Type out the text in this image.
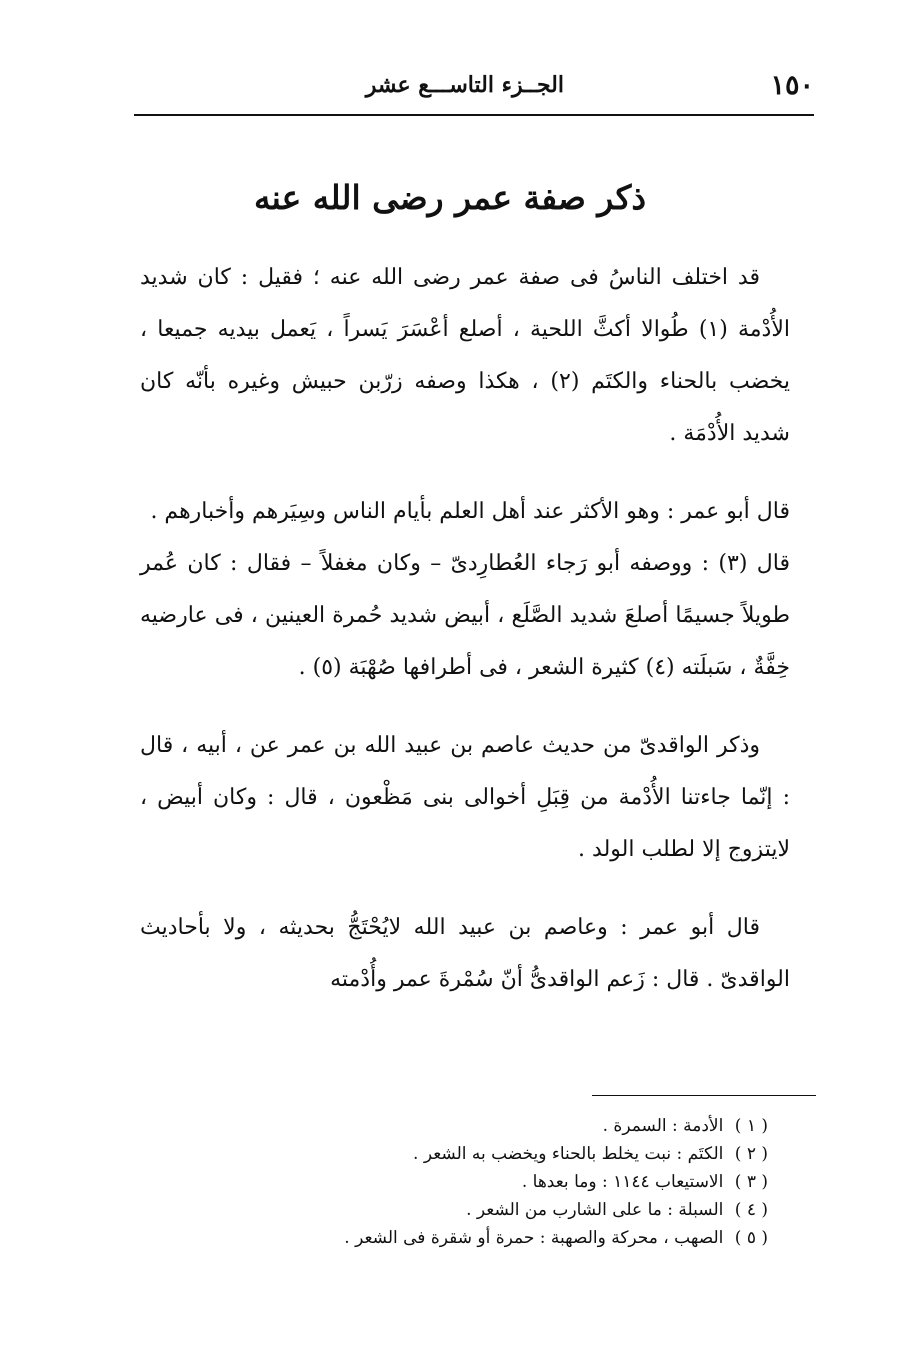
١٥٠
الجــزء التاســـع عشر
ذكر صفة عمر رضى الله عنه

قد اختلف الناسُ فى صفة عمر رضى الله عنه ؛ فقيل : كان شديد الأُدْمة (١) طُوالا أكثَّ اللحية ، أصلع أعْسَرَ يَسراً ، يَعمل بيديه جميعا ، يخضب بالحناء والكتَم (٢) ، هكذا وصفه زرّبن حبيش وغيره بأنّه كان شديد الأُدْمَة .

قال أبو عمر : وهو الأكثر عند أهل العلم بأيام الناس وسِيَرهم وأخبارهم .

قال (٣) : ووصفه أبو رَجاء العُطارِدىّ – وكان مغفلاً – فقال : كان عُمر طويلاً جسيمًا أصلعَ شديد الصَّلَع ، أبيض شديد حُمرة العينين ، فى عارضيه خِفَّةٌ ، سَبلَته (٤) كثيرة الشعر ، فى أطرافها صُهْبَة (٥) .

وذكر الواقدىّ من حديث عاصم بن عبيد الله بن عمر عن ، أبيه ، قال : إنّما جاءتنا الأُدْمة من قِبَلِ أخوالى بنى مَظْعون ، قال : وكان أبيض ، لايتزوج إلا لطلب الولد .

قال أبو عمر : وعاصم بن عبيد الله لايُحْتَجُّ بحديثه ، ولا بأحاديث الواقدىّ . قال : زَعم الواقدىُّ أنّ سُمْرةَ عمر وأُدْمته

( ١ ) الأدمة : السمرة .
( ٢ ) الكتَم : نبت يخلط بالحناء ويخضب به الشعر .
( ٣ ) الاستيعاب ١١٤٤ : وما بعدها .
( ٤ ) السبلة : ما على الشارب من الشعر .
( ٥ ) الصهب ، محركة والصهبة : حمرة أو شقرة فى الشعر .
